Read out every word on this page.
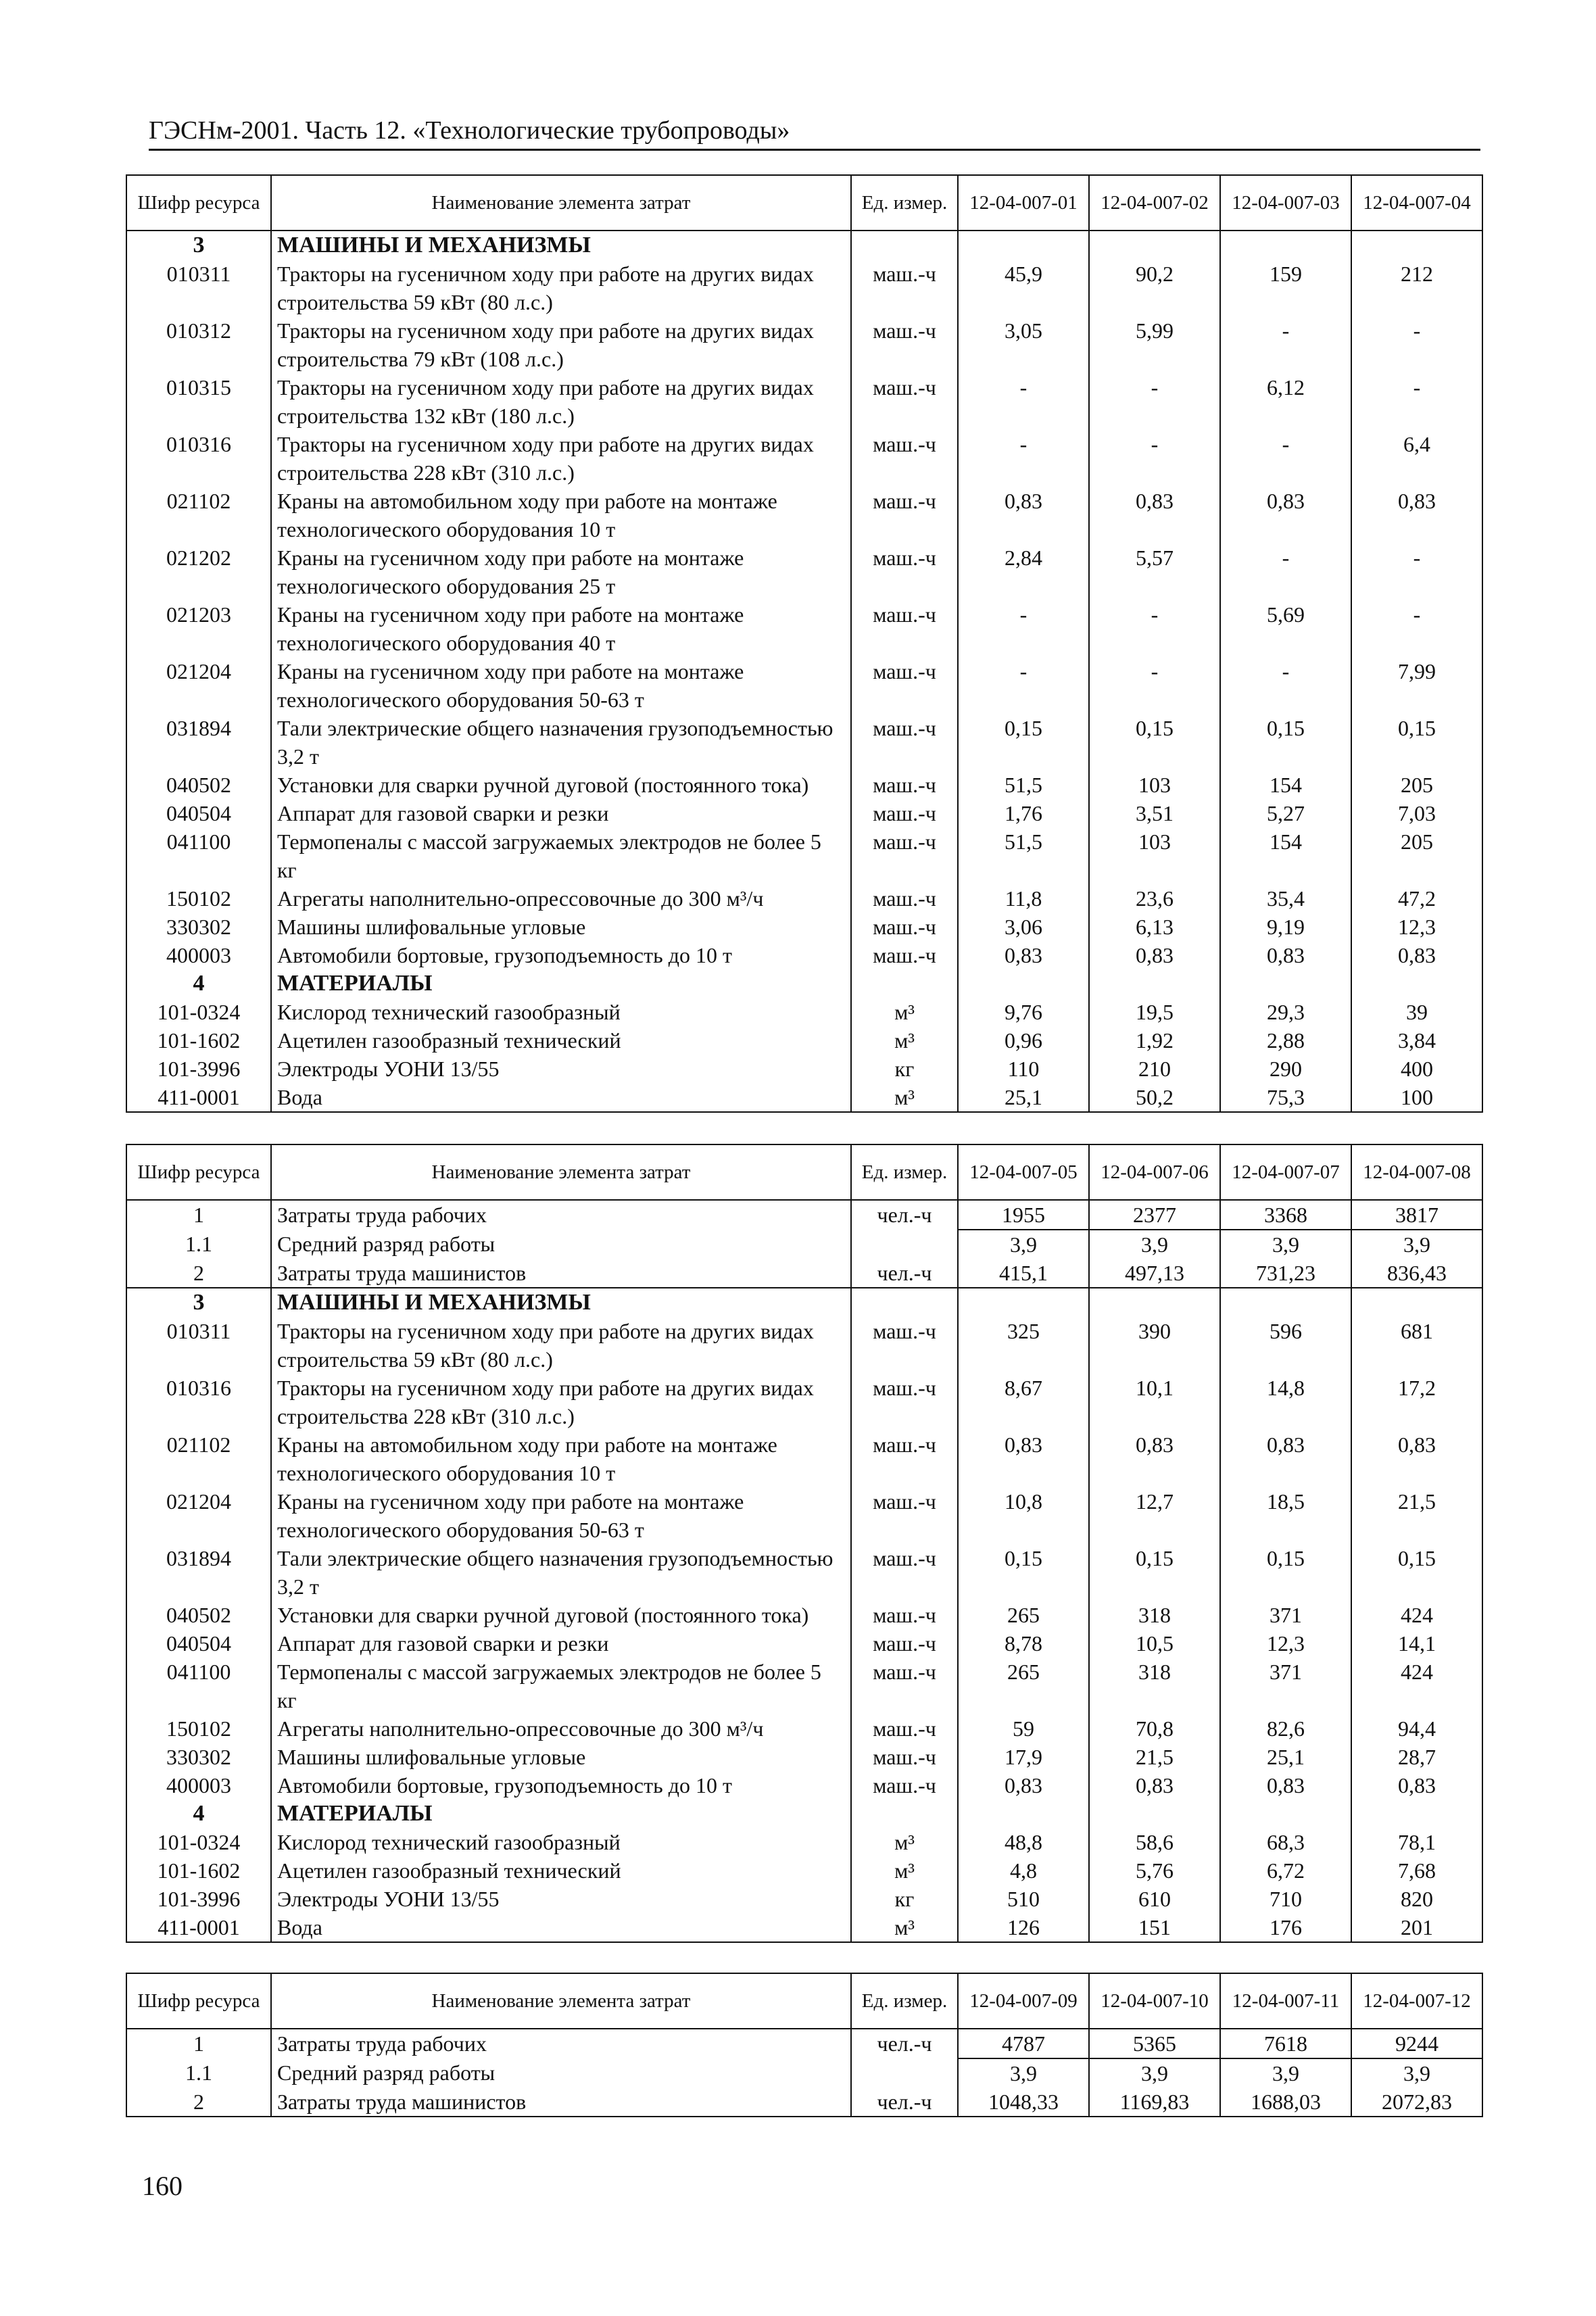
ГЭСНм-2001. Часть 12. «Технологические трубопроводы»
Шифр ресурса	Наименование элемента затрат	Ед. измер.	12-04-007-01	12-04-007-02	12-04-007-03	12-04-007-04
3	МАШИНЫ И МЕХАНИЗМЫ					
010311	Тракторы на гусеничном ходу при работе на других видах строительства 59 кВт (80 л.с.)	маш.-ч	45,9	90,2	159	212
010312	Тракторы на гусеничном ходу при работе на других видах строительства 79 кВт (108 л.с.)	маш.-ч	3,05	5,99	-	-
010315	Тракторы на гусеничном ходу при работе на других видах строительства 132 кВт (180 л.с.)	маш.-ч	-	-	6,12	-
010316	Тракторы на гусеничном ходу при работе на других видах строительства 228 кВт (310 л.с.)	маш.-ч	-	-	-	6,4
021102	Краны на автомобильном ходу при работе на монтаже технологического оборудования 10 т	маш.-ч	0,83	0,83	0,83	0,83
021202	Краны на гусеничном ходу при работе на монтаже технологического оборудования 25 т	маш.-ч	2,84	5,57	-	-
021203	Краны на гусеничном ходу при работе на монтаже технологического оборудования 40 т	маш.-ч	-	-	5,69	-
021204	Краны на гусеничном ходу при работе на монтаже технологического оборудования 50-63 т	маш.-ч	-	-	-	7,99
031894	Тали электрические общего назначения грузоподъемностью 3,2 т	маш.-ч	0,15	0,15	0,15	0,15
040502	Установки для сварки ручной дуговой (постоянного тока)	маш.-ч	51,5	103	154	205
040504	Аппарат для газовой сварки и резки	маш.-ч	1,76	3,51	5,27	7,03
041100	Термопеналы с массой загружаемых электродов не более 5 кг	маш.-ч	51,5	103	154	205
150102	Агрегаты наполнительно-опрессовочные до 300 м³/ч	маш.-ч	11,8	23,6	35,4	47,2
330302	Машины шлифовальные угловые	маш.-ч	3,06	6,13	9,19	12,3
400003	Автомобили бортовые, грузоподъемность до 10 т	маш.-ч	0,83	0,83	0,83	0,83
4	МАТЕРИАЛЫ					
101-0324	Кислород технический газообразный	м³	9,76	19,5	29,3	39
101-1602	Ацетилен газообразный технический	м³	0,96	1,92	2,88	3,84
101-3996	Электроды УОНИ 13/55	кг	110	210	290	400
411-0001	Вода	м³	25,1	50,2	75,3	100
Шифр ресурса	Наименование элемента затрат	Ед. измер.	12-04-007-05	12-04-007-06	12-04-007-07	12-04-007-08
1	Затраты труда рабочих	чел.-ч	1955	2377	3368	3817
1.1	Средний разряд работы		3,9	3,9	3,9	3,9
2	Затраты труда машинистов	чел.-ч	415,1	497,13	731,23	836,43
3	МАШИНЫ И МЕХАНИЗМЫ					
010311	Тракторы на гусеничном ходу при работе на других видах строительства 59 кВт (80 л.с.)	маш.-ч	325	390	596	681
010316	Тракторы на гусеничном ходу при работе на других видах строительства 228 кВт (310 л.с.)	маш.-ч	8,67	10,1	14,8	17,2
021102	Краны на автомобильном ходу при работе на монтаже технологического оборудования 10 т	маш.-ч	0,83	0,83	0,83	0,83
021204	Краны на гусеничном ходу при работе на монтаже технологического оборудования 50-63 т	маш.-ч	10,8	12,7	18,5	21,5
031894	Тали электрические общего назначения грузоподъемностью 3,2 т	маш.-ч	0,15	0,15	0,15	0,15
040502	Установки для сварки ручной дуговой (постоянного тока)	маш.-ч	265	318	371	424
040504	Аппарат для газовой сварки и резки	маш.-ч	8,78	10,5	12,3	14,1
041100	Термопеналы с массой загружаемых электродов не более 5 кг	маш.-ч	265	318	371	424
150102	Агрегаты наполнительно-опрессовочные до 300 м³/ч	маш.-ч	59	70,8	82,6	94,4
330302	Машины шлифовальные угловые	маш.-ч	17,9	21,5	25,1	28,7
400003	Автомобили бортовые, грузоподъемность до 10 т	маш.-ч	0,83	0,83	0,83	0,83
4	МАТЕРИАЛЫ					
101-0324	Кислород технический газообразный	м³	48,8	58,6	68,3	78,1
101-1602	Ацетилен газообразный технический	м³	4,8	5,76	6,72	7,68
101-3996	Электроды УОНИ 13/55	кг	510	610	710	820
411-0001	Вода	м³	126	151	176	201
Шифр ресурса	Наименование элемента затрат	Ед. измер.	12-04-007-09	12-04-007-10	12-04-007-11	12-04-007-12
1	Затраты труда рабочих	чел.-ч	4787	5365	7618	9244
1.1	Средний разряд работы		3,9	3,9	3,9	3,9
2	Затраты труда машинистов	чел.-ч	1048,33	1169,83	1688,03	2072,83
160
